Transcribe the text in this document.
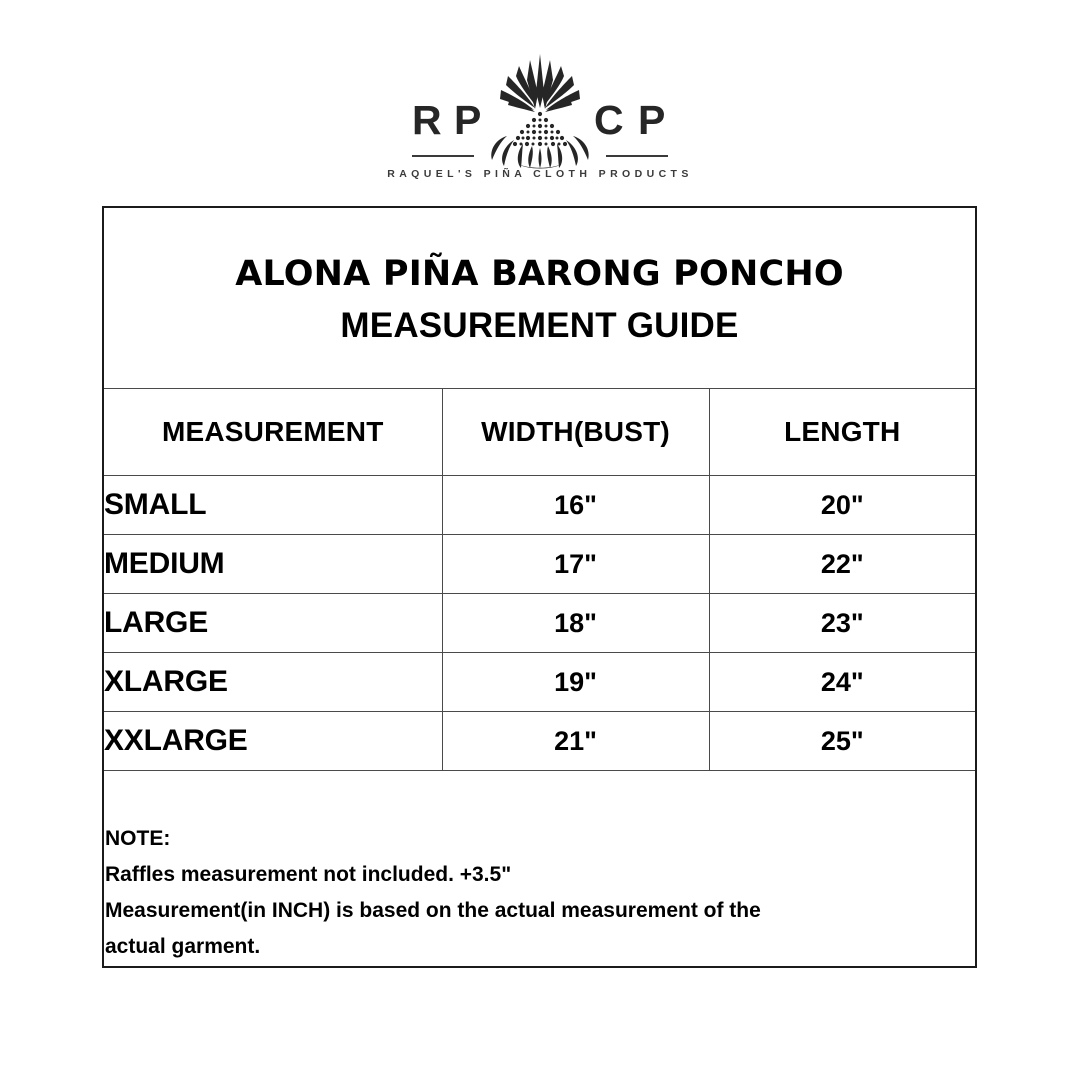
R P	C P
RAQUEL'S PIÑA CLOTH PRODUCTS
ALONA PIÑA BARONG PONCHO
MEASUREMENT GUIDE
MEASUREMENT	WIDTH(BUST)	LENGTH
SMALL	16"	20"
MEDIUM	17"	22"
LARGE	18"	23"
XLARGE	19"	24"
XXLARGE	21"	25"
NOTE:
Raffles measurement not included. +3.5"
Measurement(in INCH) is based on the actual measurement of the
actual garment.
